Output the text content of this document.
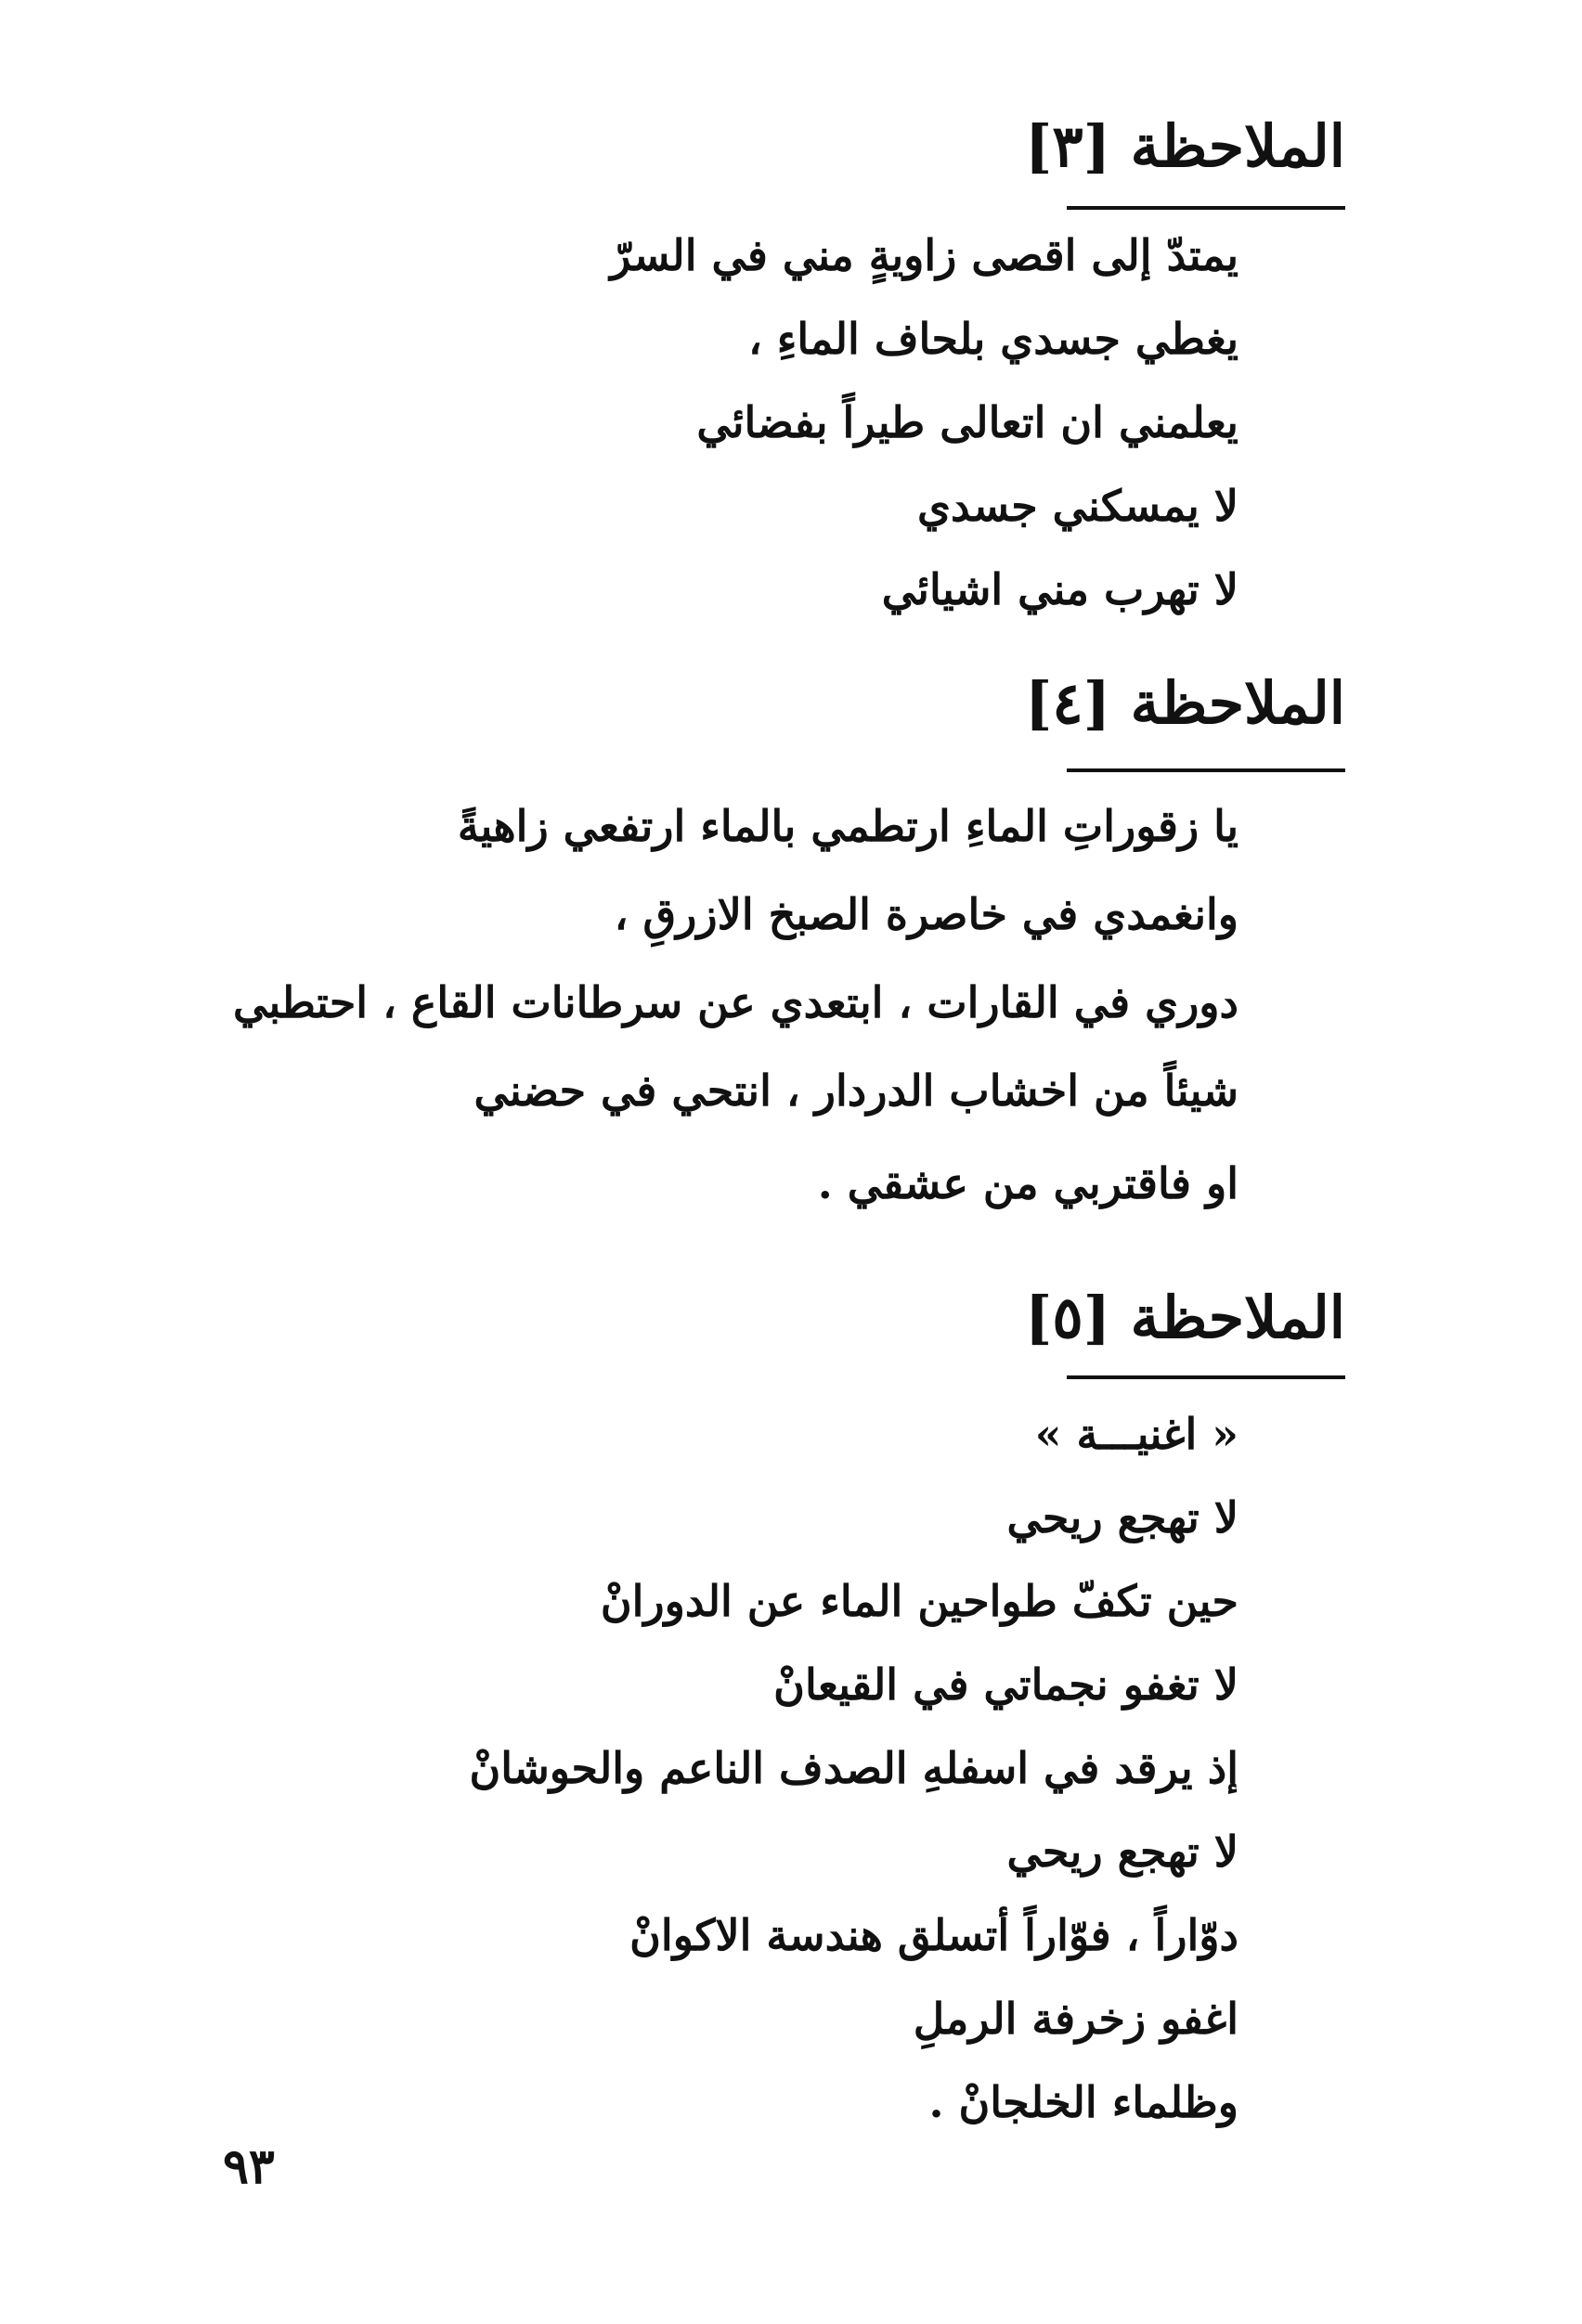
الملاحظة [٣]
يمتدّ إلى اقصى زاويةٍ مني في السرّ
يغطي جسدي بلحاف الماءِ ،
يعلمني ان اتعالى طيراً بفضائي
لا يمسكني جسدي
لا تهرب مني اشيائي
الملاحظة [٤]
يا زقوراتِ الماءِ ارتطمي بالماء ارتفعي زاهيةً
وانغمدي في خاصرة الصبخ الازرقِ ،
دوري في القارات ، ابتعدي عن سرطانات القاع ، احتطبي
شيئاً من اخشاب الدردار ، انتحي في حضني
او فاقتربي من عشقي .
الملاحظة [٥]
« اغنيـــة »
لا تهجع ريحي
حين تكفّ طواحين الماء عن الدورانْ
لا تغفو نجماتي في القيعانْ
إذ يرقد في اسفلهِ الصدف الناعم والحوشانْ
لا تهجع ريحي
دوّاراً ، فوّاراً أتسلق هندسة الاكوانْ
اغفو زخرفة الرملِ
وظلماء الخلجانْ .
٩٣
